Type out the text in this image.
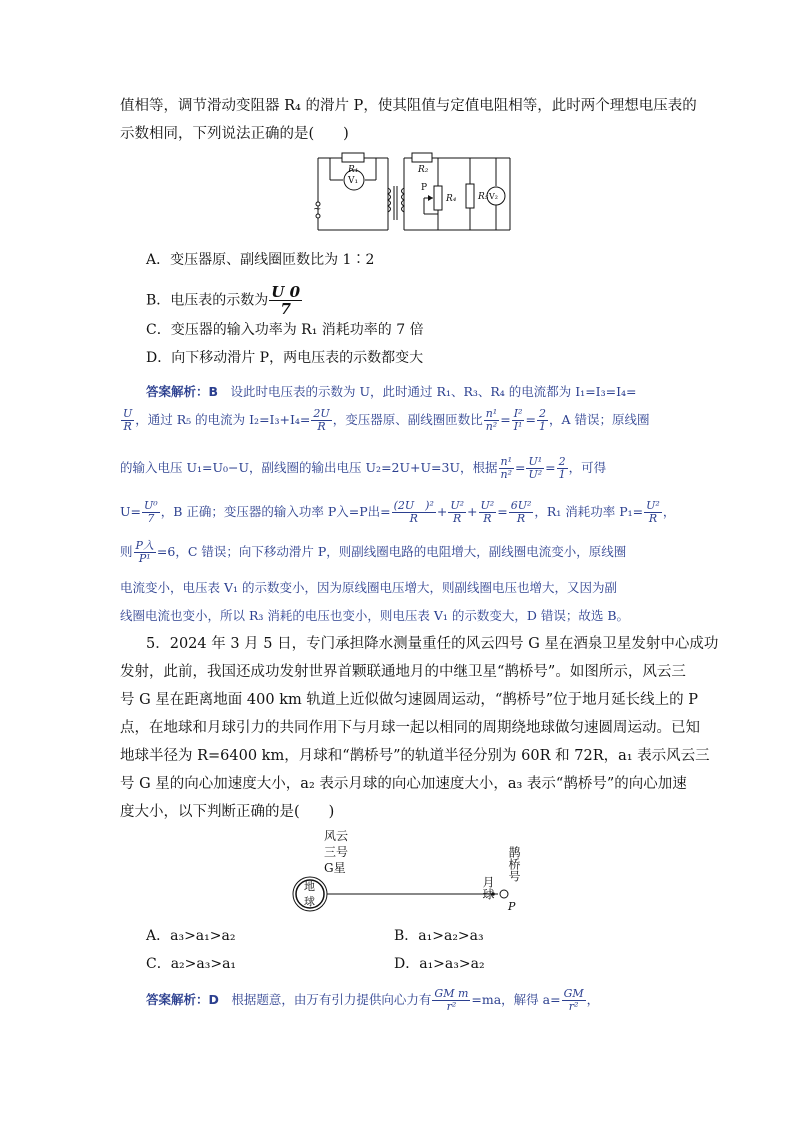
值相等，调节滑动变阻器 R₄ 的滑片 P，使其阻值与定值电阻相等，此时两个理想电压表的
示数相同，下列说法正确的是(　　)
R₁
V₁
R₂
P
R₄ R₅ V₂
~
A．变压器原、副线圈匝数比为 1∶2
B．电压表的示数为 $\frac{U 0}{7}$
C．变压器的输入功率为 R₁ 消耗功率的 7 倍
D．向下移动滑片 P，两电压表的示数都变大
答案解析：B　 设此时电压表的示数为 U，此时通过 R₁、R₃、R₄ 的电流都为 I₁=I₃=I₄=
$\frac{U}{R}$ ，通过 R₅ 的电流为 $I_2=I_3+I_4= \frac{2U}{R}$ ，变压器原、副线圈匝数比 $\frac{\text{n¹}}{\text{n²}} = \frac{\text{I²}}{\text{I¹}} = \frac{2}{1}$ ，A 错误；原线圈
的输入电压 U₁=U₀−U，副线圈的输出电压 U₂=2U+U=3U，根据 $\frac{\text{n¹}}{\text{n²}} = \frac{\text{U¹}}{\text{U²}} = \frac{2}{1}$ ，可得
$U= \frac{\text{U⁰}}{7}$ ，B 正确；变压器的输入功率 P入=P出= $\frac{\text{(2U　)²}}{R} + \frac{\text{U²}}{R} + \frac{\text{U²}}{R} = \frac{\text{6U²}}{R}$ ，R₁ 消耗功率 $P_1= \frac{\text{U²}}{R}$ ，
则 $\frac{\text{P入}}{\text{P¹}} =6$，C 错误；向下移动滑片 P，则副线圈电路的电阻增大，副线圈电流变小，原线圈
电流变小，电压表 V₁ 的示数变小，因为原线圈电压增大，则副线圈电压也增大，又因为副
线圈电流也变小，所以 R₃ 消耗的电压也变小，则电压表 V₁ 的示数变大，D 错误；故选 B。
5．2024 年 3 月 5 日，专门承担降水测量重任的风云四号 G 星在酒泉卫星发射中心成功
发射，此前，我国还成功发射世界首颗联通地月的中继卫星“鹊桥号”。如图所示，风云三
号 G 星在距离地面 400 km 轨道上近似做匀速圆周运动，“鹊桥号”位于地月延长线上的 P
点，在地球和月球引力的共同作用下与月球一起以相同的周期绕地球做匀速圆周运动。已知
地球半径为 R=6400 km，月球和“鹊桥号”的轨道半径分别为 60R 和 72R，a₁ 表示风云三
号 G 星的向心加速度大小，a₂ 表示月球的向心加速度大小，a₃ 表示“鹊桥号”的向心加速
度大小，以下判断正确的是(　　)
风云
三号
G星
地
球
月球
鹊桥号
P
A．a₃>a₁>a₂	B．a₁>a₂>a₃
C．a₂>a₃>a₁	D．a₁>a₃>a₂
答案解析：D　 根据题意，由万有引力提供向心力有 $\frac{\text{GM m}}{\text{r²}} =ma$，解得 $a= \frac{GM}{\text{r²}}$ ，
